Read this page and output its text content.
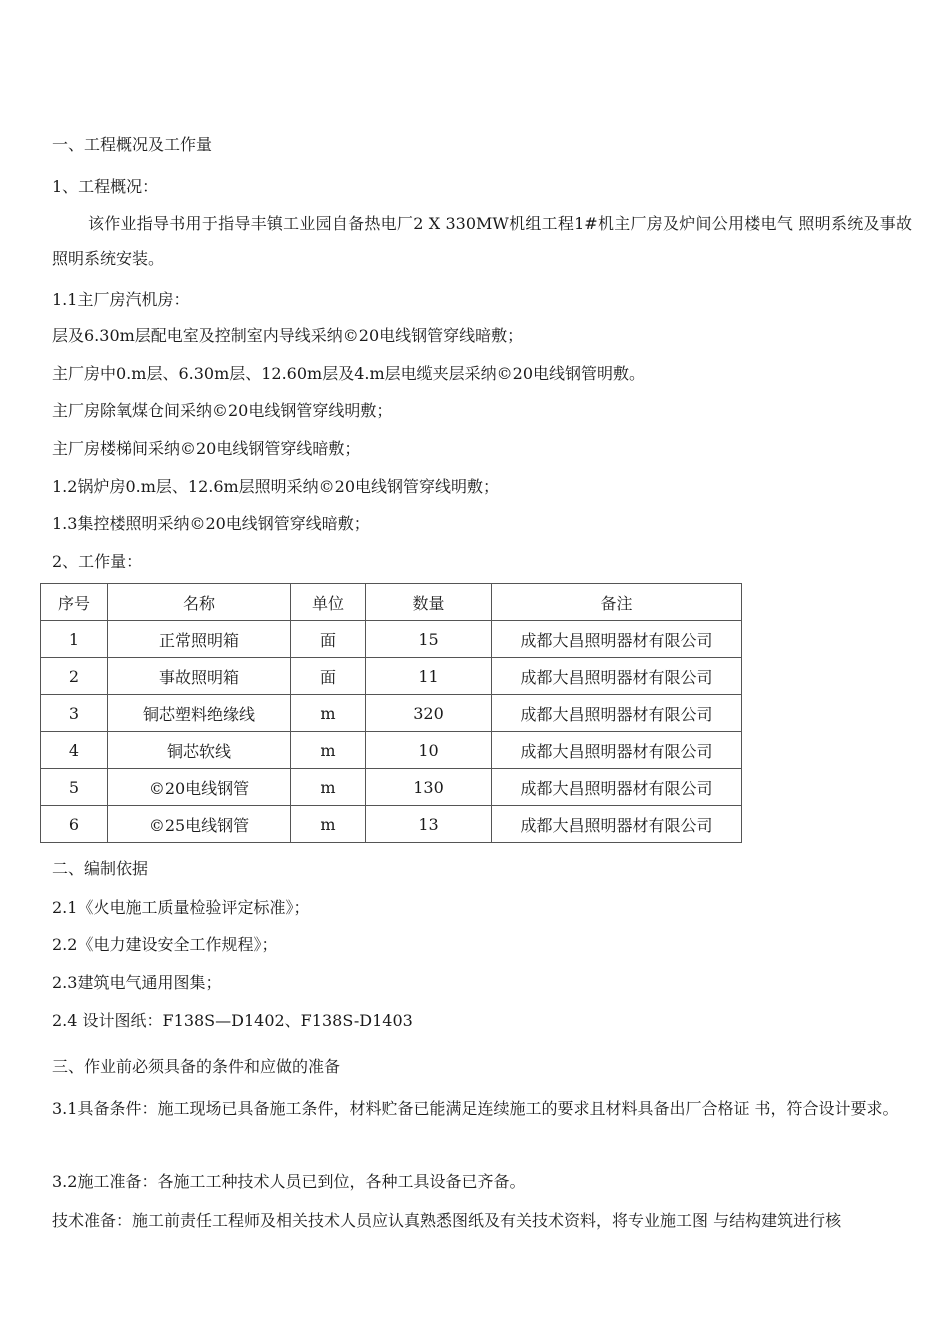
一、工程概况及工作量
1、工程概况：
该作业指导书用于指导丰镇工业园自备热电厂2 X 330MW机组工程1#机主厂房及炉间公用楼电气 照明系统及事故照明系统安装。
1.1主厂房汽机房：
层及6.30m层配电室及控制室内导线采纳©20电线钢管穿线暗敷；
主厂房中0.m层、6.30m层、12.60m层及4.m层电缆夹层采纳©20电线钢管明敷。
主厂房除氧煤仓间采纳©20电线钢管穿线明敷；
主厂房楼梯间采纳©20电线钢管穿线暗敷；
1.2锅炉房0.m层、12.6m层照明采纳©20电线钢管穿线明敷；
1.3集控楼照明采纳©20电线钢管穿线暗敷；
2、工作量：
序号	名称	单位	数量	备注
1	正常照明箱	面	15	成都大昌照明器材有限公司
2	事故照明箱	面	11	成都大昌照明器材有限公司
3	铜芯塑料绝缘线	m	320	成都大昌照明器材有限公司
4	铜芯软线	m	10	成都大昌照明器材有限公司
5	©20电线钢管	m	130	成都大昌照明器材有限公司
6	©25电线钢管	m	13	成都大昌照明器材有限公司
二、编制依据
2.1《火电施工质量检验评定标准》；
2.2《电力建设安全工作规程》；
2.3建筑电气通用图集；
2.4 设计图纸：F138S—D1402、F138S-D1403
三、作业前必须具备的条件和应做的准备
3.1具备条件：施工现场已具备施工条件，材料贮备已能满足连续施工的要求且材料具备出厂合格证 书，符合设计要求。
3.2施工准备：各施工工种技术人员已到位，各种工具设备已齐备。
技术准备：施工前责任工程师及相关技术人员应认真熟悉图纸及有关技术资料，将专业施工图 与结构建筑进行核
